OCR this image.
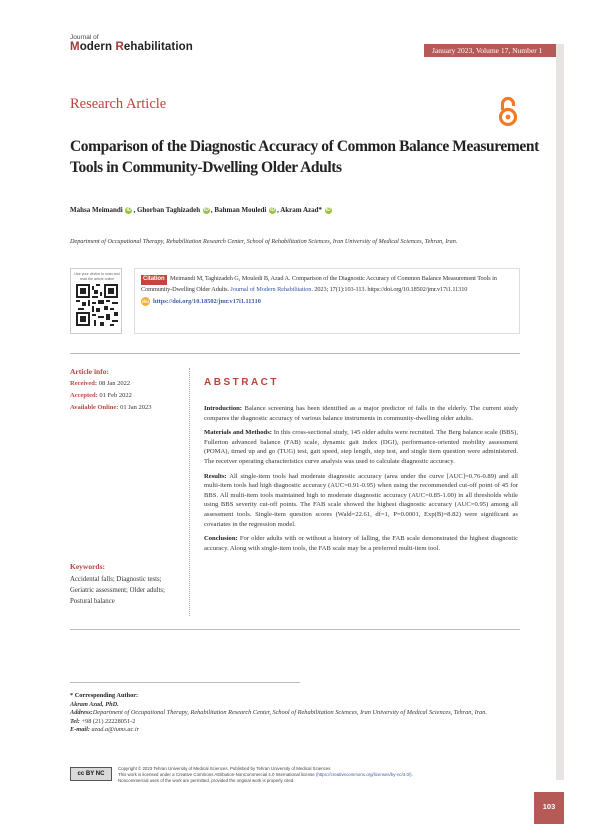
Journal of
Modern Rehabilitation	January 2023, Volume 17, Number 1
Research Article
Comparison of the Diagnostic Accuracy of Common Balance Measurement Tools in Community-Dwelling Older Adults
Mahsa Meimandi iD , Ghorban Taghizadeh iD , Bahman Mouledi iD , Akram Azad* iD
Department of Occupational Therapy, Rehabilitation Research Center, School of Rehabilitation Sciences, Iran University of Medical Sciences, Tehran, Iran.
Use your device to scan and read the article online	Citation Meimandi M, Taghizadeh G, Mouledi B, Azad A. Comparison of the Diagnostic Accuracy of Common Balance Measurement Tools in Community-Dwelling Older Adults. Journal of Modern Rehabilitation. 2023; 17(1):103-113. https://doi.org/10.18502/jmr.v17i1.11310
doi https://doi.org/10.18502/jmr.v17i1.11310
Article info:
Received: 08 Jan 2022
Accepted: 01 Feb 2022
Available Online: 01 Jan 2023
Keywords:
Accidental falls; Diagnostic tests; Geriatric assessment; Older adults; Postural balance
ABSTRACT

Introduction: Balance screening has been identified as a major predictor of falls in the elderly. The current study compares the diagnostic accuracy of various balance instruments in community-dwelling older adults.

Materials and Methods: In this cross-sectional study, 145 older adults were recruited. The Berg balance scale (BBS), Fullerton advanced balance (FAB) scale, dynamic gait index (DGI), performance-oriented mobility assessment (POMA), timed up and go (TUG) test, gait speed, step length, step test, and single item question were administered. The receiver operating characteristics curve analysis was used to calculate diagnostic accuracy.

Results: All single-item tools had moderate diagnostic accuracy (area under the curve [AUC]=0.76-0.89) and all multi-item tools had high diagnostic accuracy (AUC=0.91-0.95) when using the recommended cut-off point of 45 for BBS. All multi-item tools maintained high to moderate diagnostic accuracy (AUC=0.85-1.00) in all thresholds while using BBS severity cut-off points. The FAB scale showed the highest diagnostic accuracy (AUC=0.95) among all assessment tools. Single-item question scores (Wald=22.61, df=1, P=0.0001, Exp(B)=8.82) were significant as covariates in the regression model.

Conclusion: For older adults with or without a history of falling, the FAB scale demonstrated the highest diagnostic accuracy. Along with single-item tools, the FAB scale may be a preferred multi-item tool.

* Corresponding Author:
Akram Azad, PhD.
Address:Department of Occupational Therapy, Rehabilitation Research Center, School of Rehabilitation Sciences, Iran University of Medical Sciences, Tehran, Iran.
Tel: +98 (21) 22228051-2
E-mail: azad.a@iums.ac.ir
cc BY NC
Copyright © 2023 Tehran University of Medical Sciences. Published by Tehran University of Medical Sciences
This work is licensed under a Creative Commons Attribution-NonCommercial 4.0 International license (https://creativecommons.org/licenses/by-nc/4.0/).
Noncommercial uses of the work are permitted, provided the original work is properly cited.
103
